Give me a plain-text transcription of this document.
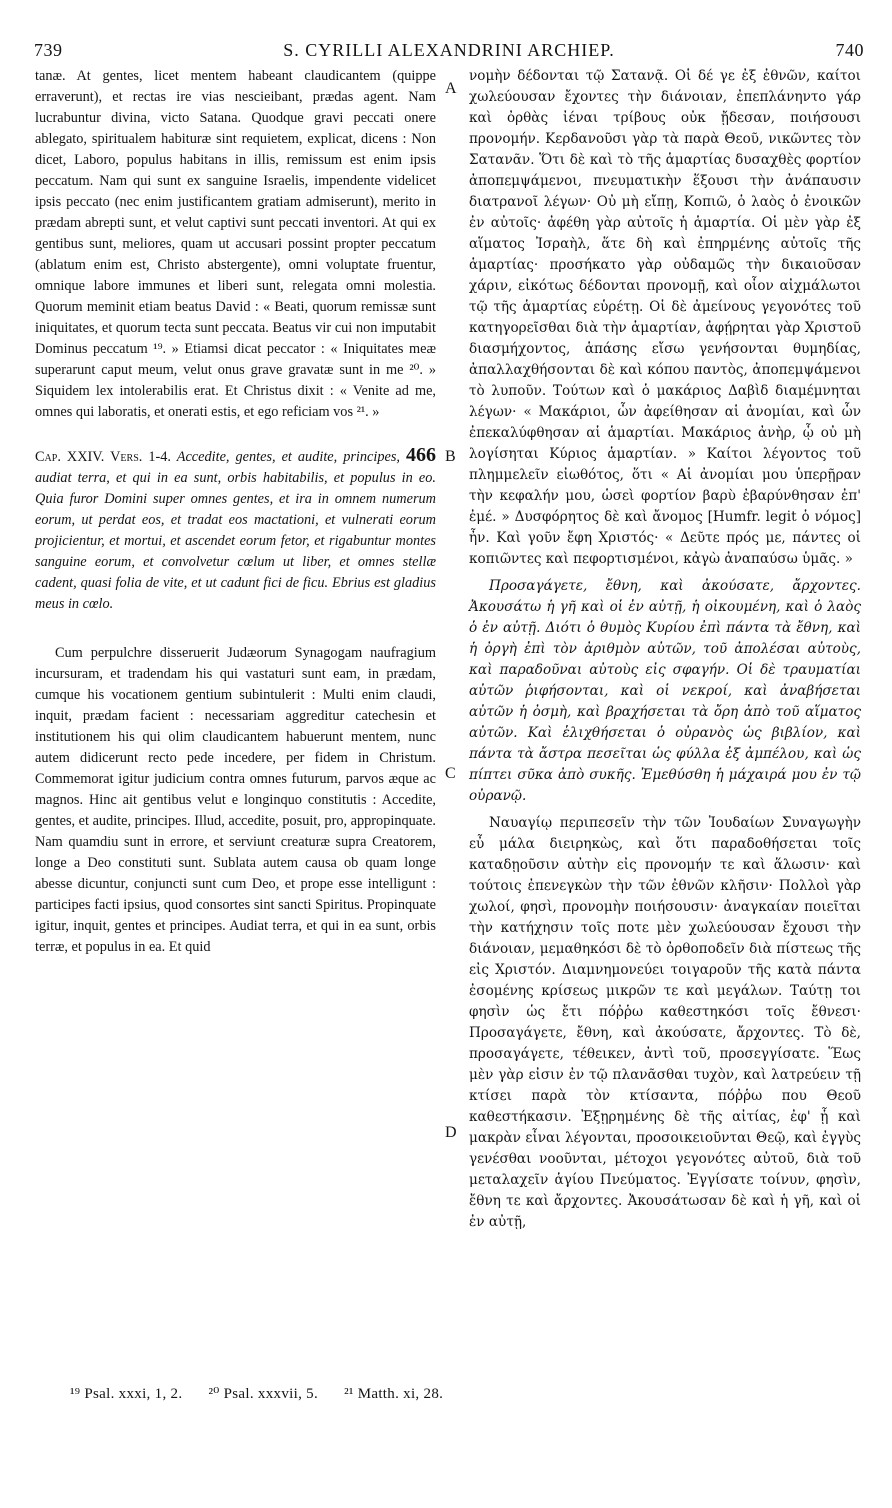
739	S. CYRILLI ALEXANDRINI ARCHIEP.	740

tanæ. At gentes, licet mentem habeant claudicantem (quippe erraverunt), et rectas ire vias nescieibant, prædas agent. Nam lucrabuntur divina, victo Satana. Quodque gravi peccati onere ablegato, spiritualem habituræ sint requietem, explicat, dicens : Non dicet, Laboro, populus habitans in illis, remissum est enim ipsis peccatum. Nam qui sunt ex sanguine Israelis, impendente videlicet ipsis peccato (nec enim justificantem gratiam admiserunt), merito in prædam abrepti sunt, et velut captivi sunt peccati inventori. At qui ex gentibus sunt, meliores, quam ut accusari possint propter peccatum (ablatum enim est, Christo abstergente), omni voluptate fruentur, omnique labore immunes et liberi sunt, relegata omni molestia. Quorum meminit etiam beatus David : « Beati, quorum remissæ sunt iniquitates, et quorum tecta sunt peccata. Beatus vir cui non imputabit Dominus peccatum ¹⁹. » Etiamsi dicat peccator : « Iniquitates meæ superarunt caput meum, velut onus grave gravatæ sunt in me ²⁰. » Siquidem lex intolerabilis erat. Et Christus dixit : « Venite ad me, omnes qui laboratis, et onerati estis, et ego reficiam vos ²¹. »

Cap. XXIV. Vers. 1-4. Accedite, gentes, et audite, principes, 466 audiat terra, et qui in ea sunt, orbis habitabilis, et populus in eo. Quia furor Domini super omnes gentes, et ira in omnem numerum eorum, ut perdat eos, et tradat eos mactationi, et vulnerati eorum projicientur, et mortui, et ascendet eorum fetor, et rigabuntur montes sanguine eorum, et convolvetur cœlum ut liber, et omnes stellæ cadent, quasi folia de vite, et ut cadunt fici de ficu. Ebrius est gladius meus in cœlo.

Cum perpulchre disseruerit Judæorum Synagogam naufragium incursuram, et tradendam his qui vastaturi sunt eam, in prædam, cumque his vocationem gentium subintulerit : Multi enim claudi, inquit, prædam facient : necessariam aggreditur catechesin et institutionem his qui olim claudicantem habuerunt mentem, nunc autem didicerunt recto pede incedere, per fidem in Christum. Commemorat igitur judicium contra omnes futurum, parvos æque ac magnos. Hinc ait gentibus velut e longinquo constitutis : Accedite, gentes, et audite, principes. Illud, accedite, posuit, pro, appropinquate. Nam quamdiu sunt in errore, et serviunt creaturæ supra Creatorem, longe a Deo constituti sunt. Sublata autem causa ob quam longe abesse dicuntur, conjuncti sunt cum Deo, et prope esse intelligunt : participes facti ipsius, quod consortes sint sancti Spiritus. Propinquate igitur, inquit, gentes et principes. Audiat terra, et qui in ea sunt, orbis terræ, et populus in ea. Et quid

A
B
C
D

νομὴν δέδονται τῷ Σατανᾷ. Οἱ δέ γε ἐξ ἐθνῶν, καίτοι χωλεύουσαν ἔχοντες τὴν διάνοιαν, ἐπεπλάνηντο γάρ καὶ ὀρθὰς ἰέναι τρίβους οὐκ ᾔδεσαν, ποιήσουσι προνομήν. Κερδανοῦσι γὰρ τὰ παρὰ Θεοῦ, νικῶντες τὸν Σατανᾶν. Ὅτι δὲ καὶ τὸ τῆς ἁμαρτίας δυσαχθὲς φορτίον ἀποπεμψάμενοι, πνευματικὴν ἕξουσι τὴν ἀνάπαυσιν διατρανοῖ λέγων· Οὐ μὴ εἴπῃ, Κοπιῶ, ὁ λαὸς ὁ ἐνοικῶν ἐν αὐτοῖς· ἀφέθη γὰρ αὐτοῖς ἡ ἁμαρτία. Οἱ μὲν γὰρ ἐξ αἵματος Ἰσραὴλ, ἅτε δὴ καὶ ἐπηρμένης αὐτοῖς τῆς ἁμαρτίας· προσήκατο γὰρ οὐδαμῶς τὴν δικαιοῦσαν χάριν, εἰκότως δέδονται προνομῇ, καὶ οἷον αἰχμάλωτοι τῷ τῆς ἁμαρτίας εὑρέτῃ. Οἱ δὲ ἀμείνους γεγονότες τοῦ κατηγορεῖσθαι διὰ τὴν ἁμαρτίαν, ἀφῄρηται γὰρ Χριστοῦ διασμήχοντος, ἁπάσης εἴσω γενήσονται θυμηδίας, ἀπαλλαχθήσονται δὲ καὶ κόπου παντὸς, ἀποπεμψάμενοι τὸ λυποῦν. Τούτων καὶ ὁ μακάριος Δαβὶδ διαμέμνηται λέγων· « Μακάριοι, ὧν ἀφείθησαν αἱ ἀνομίαι, καὶ ὧν ἐπεκαλύφθησαν αἱ ἁμαρτίαι. Μακάριος ἀνὴρ, ᾧ οὐ μὴ λογίσηται Κύριος ἁμαρτίαν. » Καίτοι λέγοντος τοῦ πλημμελεῖν εἰωθότος, ὅτι « Αἱ ἀνομίαι μου ὑπερῇραν τὴν κεφαλήν μου, ὡσεὶ φορτίον βαρὺ ἐβαρύνθησαν ἐπ' ἐμέ. » Δυσφόρητος δὲ καὶ ἄνομος [Humfr. legit ὁ νόμος] ἦν. Καὶ γοῦν ἔφη Χριστός· « Δεῦτε πρός με, πάντες οἱ κοπιῶντες καὶ πεφορτισμένοι, κἀγὼ ἀναπαύσω ὑμᾶς. »

Προσαγάγετε, ἔθνη, καὶ ἀκούσατε, ἄρχοντες. Ἀκουσάτω ἡ γῆ καὶ οἱ ἐν αὐτῇ, ἡ οἰκουμένη, καὶ ὁ λαὸς ὁ ἐν αὐτῇ. Διότι ὁ θυμὸς Κυρίου ἐπὶ πάντα τὰ ἔθνη, καὶ ἡ ὀργὴ ἐπὶ τὸν ἀριθμὸν αὐτῶν, τοῦ ἀπολέσαι αὐτοὺς, καὶ παραδοῦναι αὐτοὺς εἰς σφαγήν. Οἱ δὲ τραυματίαι αὐτῶν ῥιφήσονται, καὶ οἱ νεκροί, καὶ ἀναβήσεται αὐτῶν ἡ ὀσμὴ, καὶ βραχήσεται τὰ ὄρη ἀπὸ τοῦ αἵματος αὐτῶν. Καὶ ἑλιχθήσεται ὁ οὐρανὸς ὡς βιβλίον, καὶ πάντα τὰ ἄστρα πεσεῖται ὡς φύλλα ἐξ ἀμπέλου, καὶ ὡς πίπτει σῦκα ἀπὸ συκῆς. Ἐμεθύσθη ἡ μάχαιρά μου ἐν τῷ οὐρανῷ.

Ναυαγίῳ περιπεσεῖν τὴν τῶν Ἰουδαίων Συναγωγὴν εὖ μάλα διειρηκὼς, καὶ ὅτι παραδοθήσεται τοῖς καταδῃοῦσιν αὐτὴν εἰς προνομήν τε καὶ ἅλωσιν· καὶ τούτοις ἐπενεγκὼν τὴν τῶν ἐθνῶν κλῆσιν· Πολλοὶ γὰρ χωλοί, φησὶ, προνομὴν ποιήσουσιν· ἀναγκαίαν ποιεῖται τὴν κατήχησιν τοῖς ποτε μὲν χωλεύουσαν ἔχουσι τὴν διάνοιαν, μεμαθηκόσι δὲ τὸ ὀρθοποδεῖν διὰ πίστεως τῆς εἰς Χριστόν. Διαμνημονεύει τοιγαροῦν τῆς κατὰ πάντα ἐσομένης κρίσεως μικρῶν τε καὶ μεγάλων. Ταύτῃ τοι φησὶν ὡς ἔτι πόῤῥω καθεστηκόσι τοῖς ἔθνεσι· Προσαγάγετε, ἔθνη, καὶ ἀκούσατε, ἄρχοντες. Τὸ δὲ, προσαγάγετε, τέθεικεν, ἀντὶ τοῦ, προσεγγίσατε. Ἕως μὲν γὰρ εἰσιν ἐν τῷ πλανᾶσθαι τυχὸν, καὶ λατρεύειν τῇ κτίσει παρὰ τὸν κτίσαντα, πόῤῥω που Θεοῦ καθεστήκασιν. Ἐξῃρημένης δὲ τῆς αἰτίας, ἐφ' ᾗ καὶ μακρὰν εἶναι λέγονται, προσοικειοῦνται Θεῷ, καὶ ἐγγὺς γενέσθαι νοοῦνται, μέτοχοι γεγονότες αὐτοῦ, διὰ τοῦ μεταλαχεῖν ἁγίου Πνεύματος. Ἐγγίσατε τοίνυν, φησὶν, ἔθνη τε καὶ ἄρχοντες. Ἀκουσάτωσαν δὲ καὶ ἡ γῆ, καὶ οἱ ἐν αὐτῇ,

¹⁹ Psal. xxxi, 1, 2. ²⁰ Psal. xxxvii, 5. ²¹ Matth. xi, 28.
